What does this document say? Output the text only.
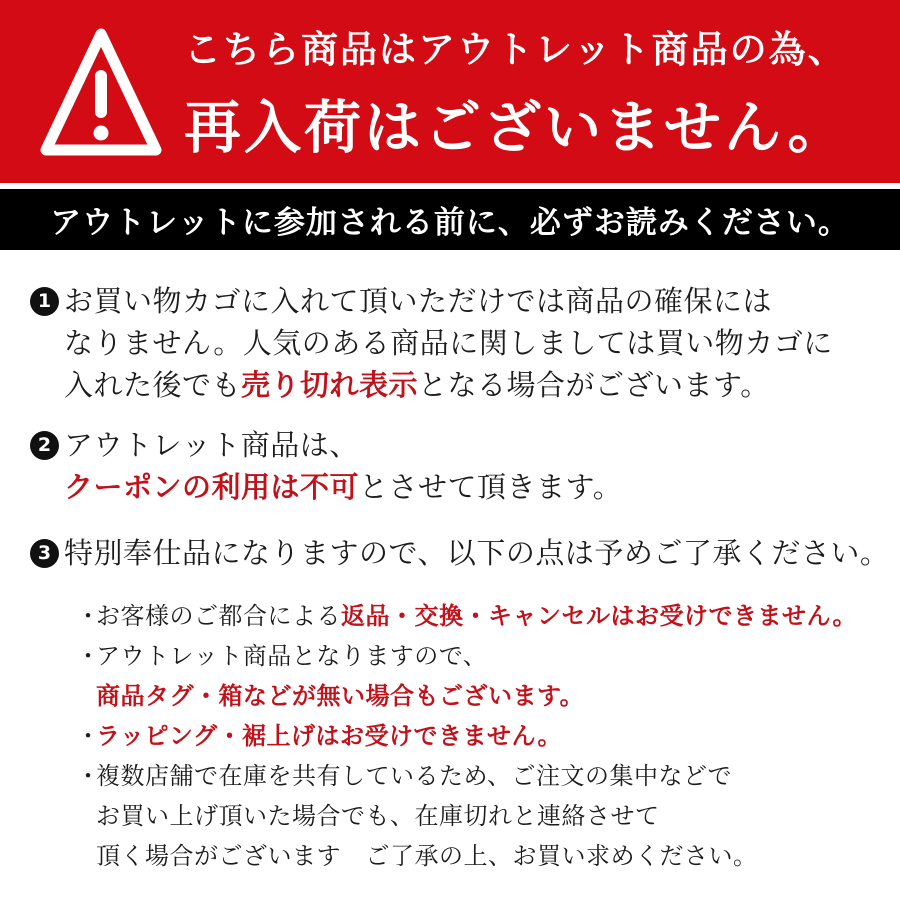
こちら商品はアウトレット商品の為、
再入荷はございません。
アウトレットに参加される前に、必ずお読みください。
1 お買い物カゴに入れて頂いただけでは商品の確保には
なりません。人気のある商品に関しましては買い物カゴに
入れた後でも売り切れ表示となる場合がございます。
2 アウトレット商品は、
クーポンの利用は不可とさせて頂きます。
3 特別奉仕品になりますので、以下の点は予めご了承ください。
・お客様のご都合による返品・交換・キャンセルはお受けできません。
・アウトレット商品となりますので、
商品タグ・箱などが無い場合もございます。
・ラッピング・裾上げはお受けできません。
・複数店舗で在庫を共有しているため、ご注文の集中などで
お買い上げ頂いた場合でも、在庫切れと連絡させて
頂く場合がございます　ご了承の上、お買い求めください。
